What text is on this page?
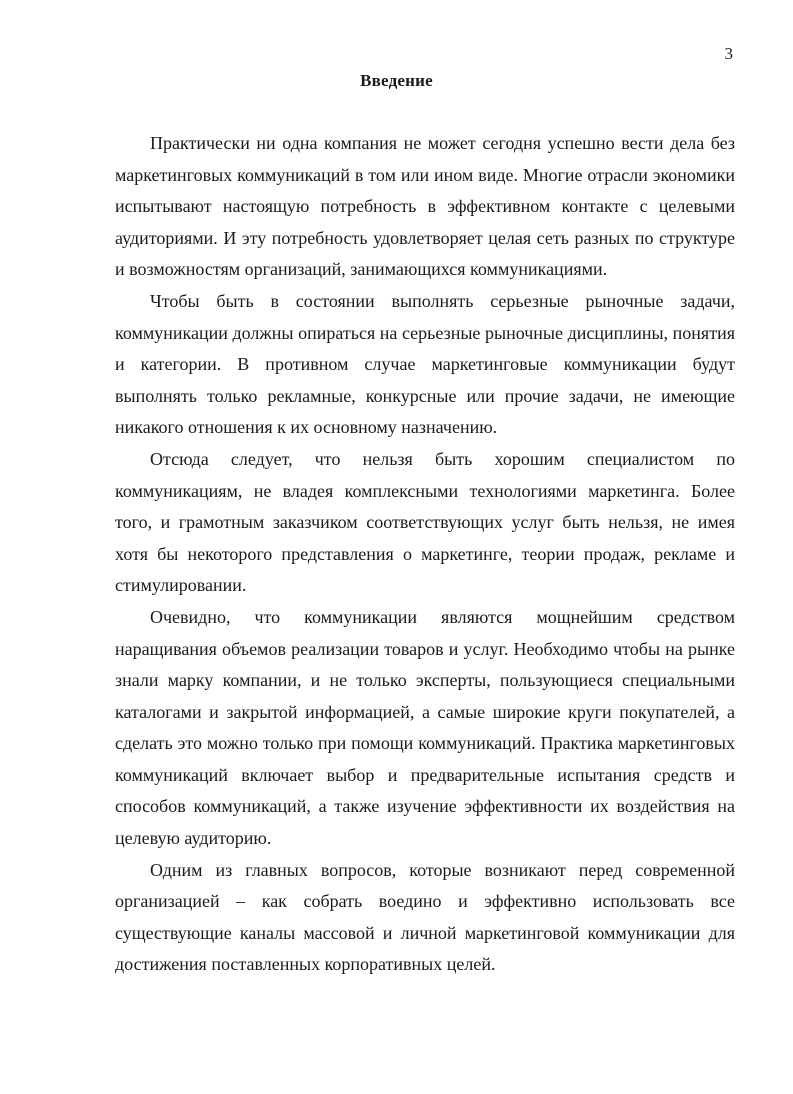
3
Введение

Практически ни одна компания не может сегодня успешно вести дела без маркетинговых коммуникаций в том или ином виде. Многие отрасли экономики испытывают настоящую потребность в эффективном контакте с целевыми аудиториями. И эту потребность удовлетворяет целая сеть разных по структуре и возможностям организаций, занимающихся коммуникациями.

Чтобы быть в состоянии выполнять серьезные рыночные задачи, коммуникации должны опираться на серьезные рыночные дисциплины, понятия и категории. В противном случае маркетинговые коммуникации будут выполнять только рекламные, конкурсные или прочие задачи, не имеющие никакого отношения к их основному назначению.

Отсюда следует, что нельзя быть хорошим специалистом по коммуникациям, не владея комплексными технологиями маркетинга. Более того, и грамотным заказчиком соответствующих услуг быть нельзя, не имея хотя бы некоторого представления о маркетинге, теории продаж, рекламе и стимулировании.

Очевидно, что коммуникации являются мощнейшим средством наращивания объемов реализации товаров и услуг. Необходимо чтобы на рынке знали марку компании, и не только эксперты, пользующиеся специальными каталогами и закрытой информацией, а самые широкие круги покупателей, а сделать это можно только при помощи коммуникаций. Практика маркетинговых коммуникаций включает выбор и предварительные испытания средств и способов коммуникаций, а также изучение эффективности их воздействия на целевую аудиторию.

Одним из главных вопросов, которые возникают перед современной организацией – как собрать воедино и эффективно использовать все существующие каналы массовой и личной маркетинговой коммуникации для достижения поставленных корпоративных целей.
